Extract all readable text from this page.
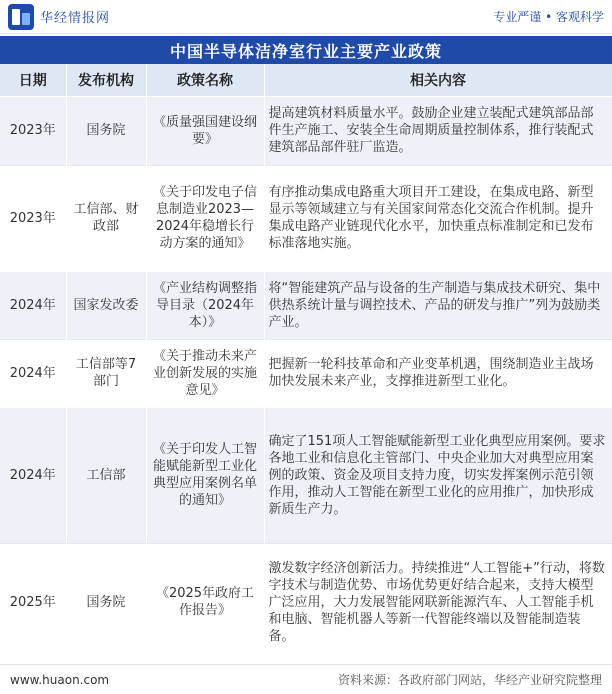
华经情报网	专业严谨 • 客观科学
中国半导体洁净室行业主要产业政策
日期	发布机构	政策名称	相关内容
2023年	国务院	《质量强国建设纲要》	提高建筑材料质量水平。鼓励企业建立装配式建筑部品部件生产施工、安装全生命周期质量控制体系，推行装配式建筑部品部件驻厂监造。
2023年	工信部、财政部	《关于印发电子信息制造业2023—2024年稳增长行动方案的通知》	有序推动集成电路重大项目开工建设，在集成电路、新型显示等领域建立与有关国家间常态化交流合作机制。提升集成电路产业链现代化水平，加快重点标准制定和已发布标准落地实施。
2024年	国家发改委	《产业结构调整指导目录（2024年本）》	将“智能建筑产品与设备的生产制造与集成技术研究、集中供热系统计量与调控技术、产品的研发与推广”列为鼓励类产业。
2024年	工信部等7部门	《关于推动未来产业创新发展的实施意见》	把握新一轮科技革命和产业变革机遇，围绕制造业主战场加快发展未来产业，支撑推进新型工业化。
2024年	工信部	《关于印发人工智能赋能新型工业化典型应用案例名单的通知》	确定了151项人工智能赋能新型工业化典型应用案例。要求各地工业和信息化主管部门、中央企业加大对典型应用案例的政策、资金及项目支持力度，切实发挥案例示范引领作用，推动人工智能在新型工业化的应用推广，加快形成新质生产力。
2025年	国务院	《2025年政府工作报告》	激发数字经济创新活力。持续推进“人工智能+”行动，将数字技术与制造优势、市场优势更好结合起来，支持大模型广泛应用，大力发展智能网联新能源汽车、人工智能手机和电脑、智能机器人等新一代智能终端以及智能制造装备。
www.huaon.com	资料来源：各政府部门网站，华经产业研究院整理
